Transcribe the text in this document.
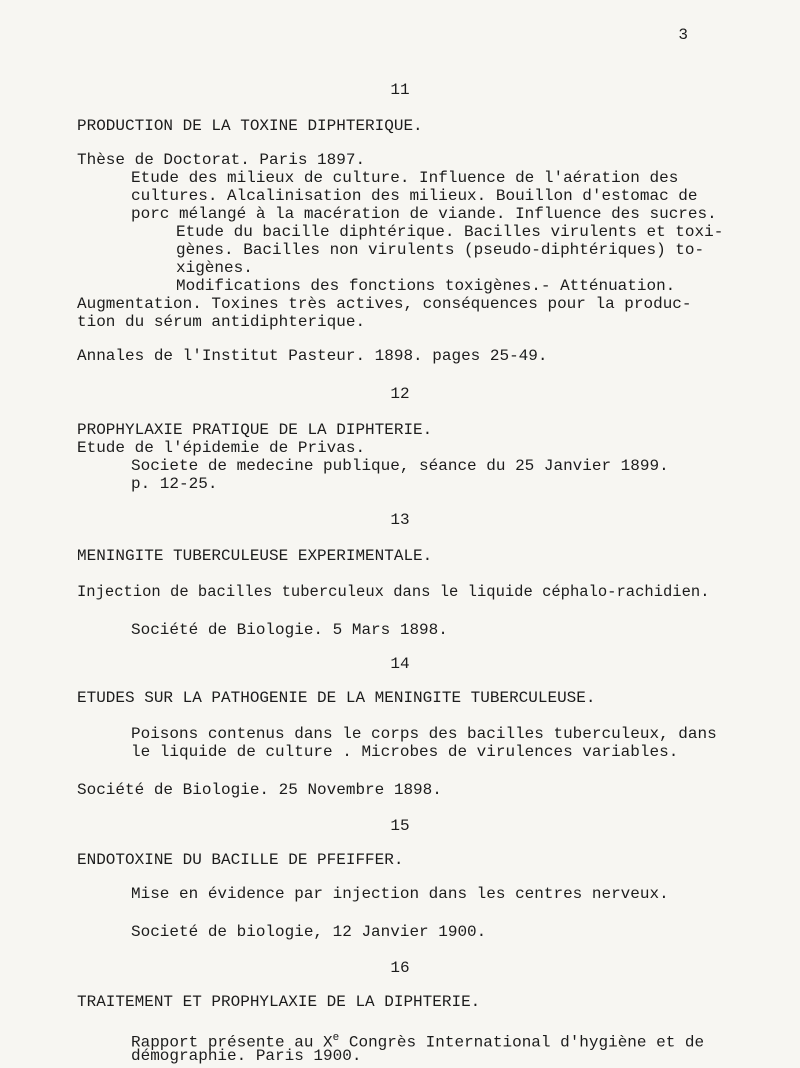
3
11
PRODUCTION DE LA TOXINE DIPHTERIQUE.
Thèse de Doctorat. Paris 1897.
Etude des milieux de culture. Influence de l'aération des
cultures. Alcalinisation des milieux. Bouillon d'estomac de
porc mélangé à la macération de viande. Influence des sucres.
Etude du bacille diphtérique. Bacilles virulents et toxi-
gènes. Bacilles non virulents (pseudo-diphtériques) to-
xigènes.
Modifications des fonctions toxigènes.- Atténuation.
Augmentation. Toxines très actives, conséquences pour la produc-
tion du sérum antidiphterique.
Annales de l'Institut Pasteur. 1898. pages 25-49.
12
PROPHYLAXIE PRATIQUE DE LA DIPHTERIE.
Etude de l'épidemie de Privas.
Societe de medecine publique, séance du 25 Janvier 1899.
p. 12-25.
13
MENINGITE TUBERCULEUSE EXPERIMENTALE.
Injection de bacilles tuberculeux dans le liquide céphalo-rachidien.
Société de Biologie. 5 Mars 1898.
14
ETUDES SUR LA PATHOGENIE DE LA MENINGITE TUBERCULEUSE.
Poisons contenus dans le corps des bacilles tuberculeux, dans
le liquide de culture . Microbes de virulences variables.
Société de Biologie. 25 Novembre 1898.
15
ENDOTOXINE DU BACILLE DE PFEIFFER.
Mise en évidence par injection dans les centres nerveux.
Societé de biologie, 12 Janvier 1900.
16
TRAITEMENT ET PROPHYLAXIE DE LA DIPHTERIE.
Rapport présente au Xe Congrès International d'hygiène et de
démographie. Paris 1900.
